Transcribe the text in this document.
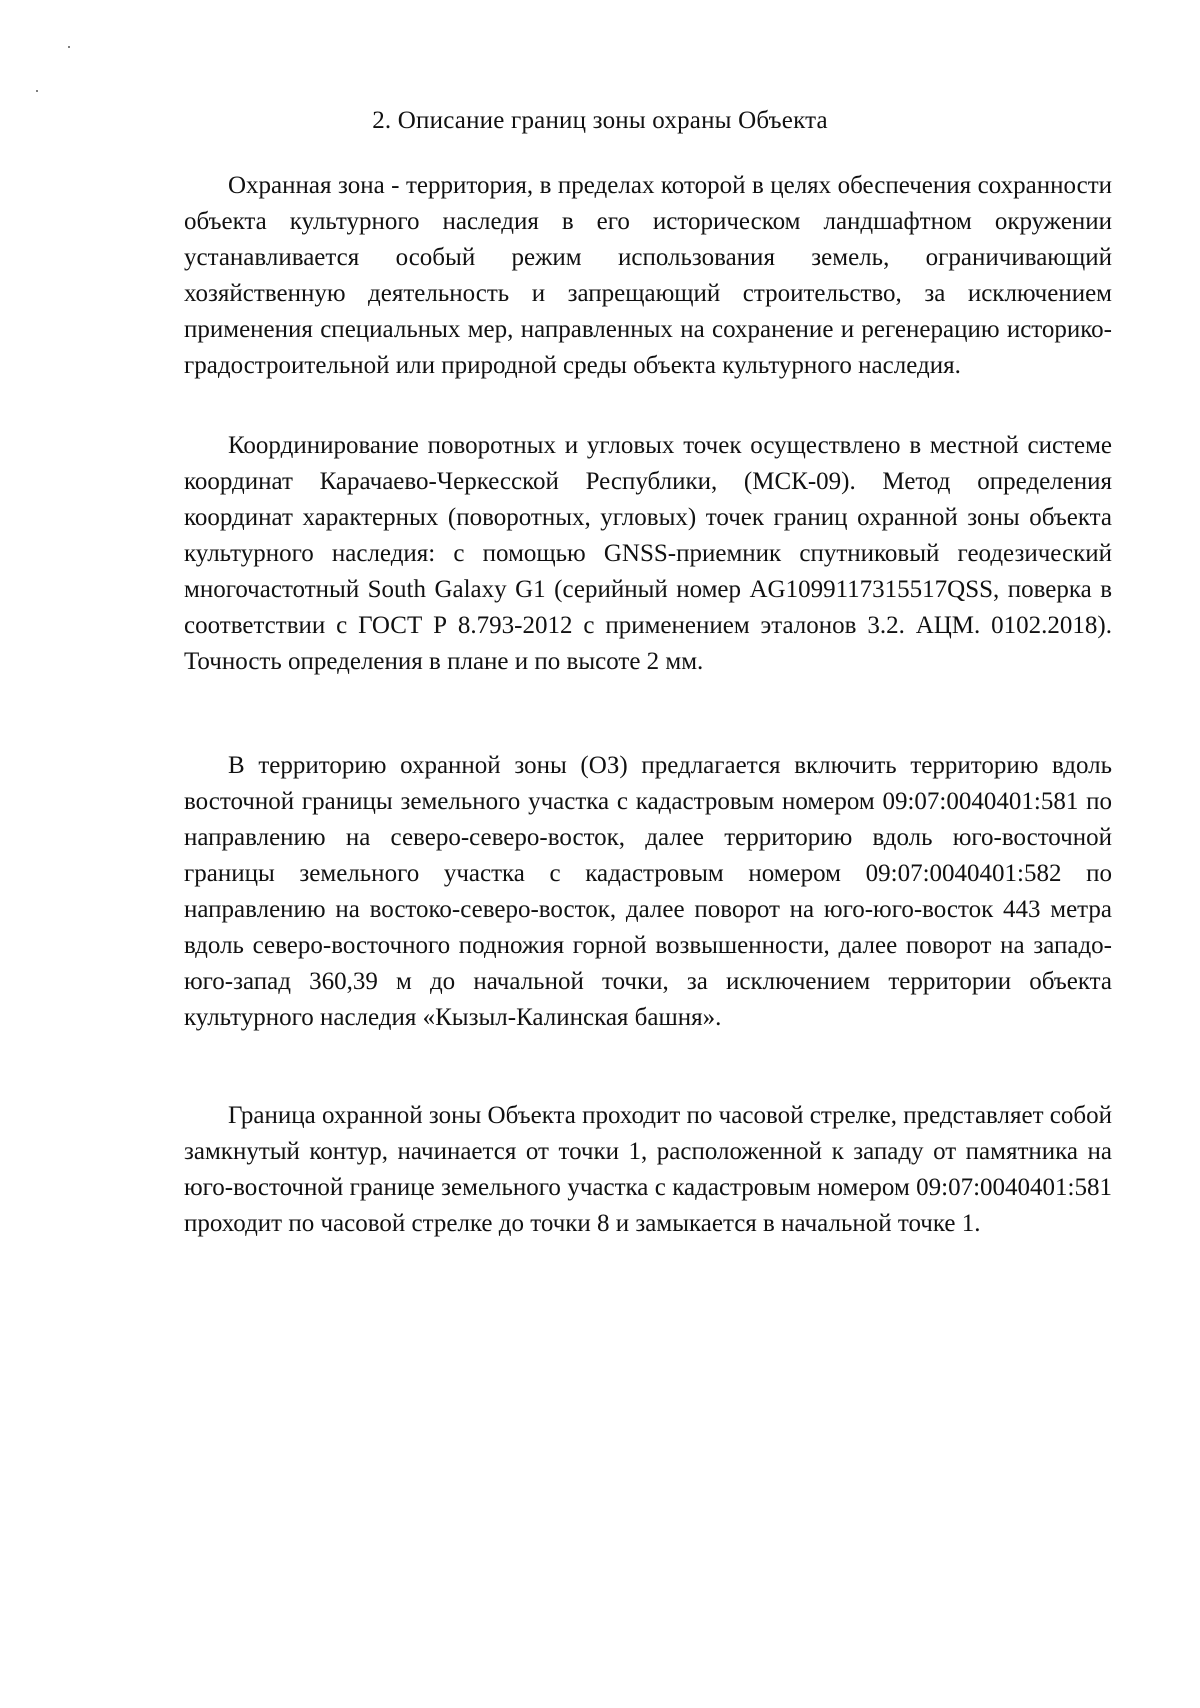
2. Описание границ зоны охраны Объекта

Охранная зона - территория, в пределах которой в целях обеспечения сохранности объекта культурного наследия в его историческом ландшафтном окружении устанавливается особый режим использования земель, ограничивающий хозяйственную деятельность и запрещающий строительство, за исключением применения специальных мер, направленных на сохранение и регенерацию историко-градостроительной или природной среды объекта культурного наследия.

Координирование поворотных и угловых точек осуществлено в местной системе координат Карачаево-Черкесской Республики, (МСК-09). Метод определения координат характерных (поворотных, угловых) точек границ охранной зоны объекта культурного наследия: с помощью GNSS-приемник спутниковый геодезический многочастотный South Galaxy G1 (серийный номер AG1099117315517QSS, поверка в соответствии с ГОСТ Р 8.793-2012 с применением эталонов 3.2. АЦМ. 0102.2018). Точность определения в плане и по высоте 2 мм.

В территорию охранной зоны (ОЗ) предлагается включить территорию вдоль восточной границы земельного участка с кадастровым номером 09:07:0040401:581 по направлению на северо-северо-восток, далее территорию вдоль юго-восточной границы земельного участка с кадастровым номером 09:07:0040401:582 по направлению на востоко-северо-восток, далее поворот на юго-юго-восток 443 метра вдоль северо-восточного подножия горной возвышенности, далее поворот на западо-юго-запад 360,39 м до начальной точки, за исключением территории объекта культурного наследия «Кызыл-Калинская башня».

Граница охранной зоны Объекта проходит по часовой стрелке, представляет собой замкнутый контур, начинается от точки 1, расположенной к западу от памятника на юго-восточной границе земельного участка с кадастровым номером 09:07:0040401:581 проходит по часовой стрелке до точки 8 и замыкается в начальной точке 1.
